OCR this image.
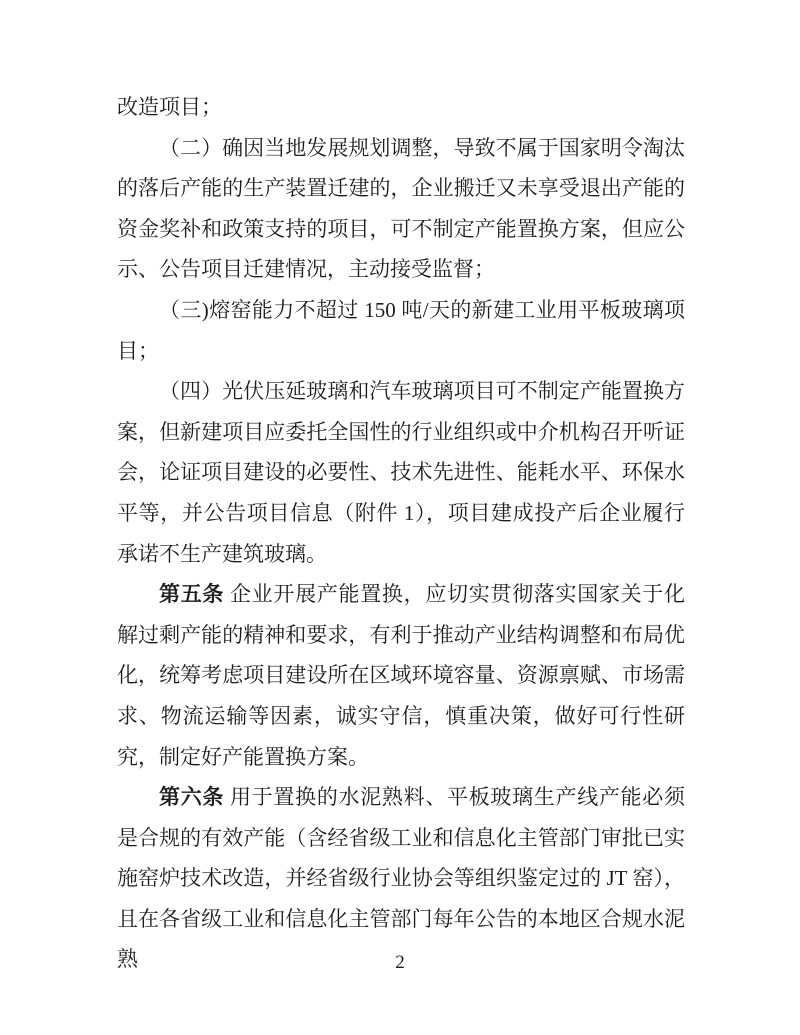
改造项目；

（二）确因当地发展规划调整，导致不属于国家明令淘汰的落后产能的生产装置迁建的，企业搬迁又未享受退出产能的资金奖补和政策支持的项目，可不制定产能置换方案，但应公示、公告项目迁建情况，主动接受监督；

（三)熔窑能力不超过 150 吨/天的新建工业用平板玻璃项目；

（四）光伏压延玻璃和汽车玻璃项目可不制定产能置换方案，但新建项目应委托全国性的行业组织或中介机构召开听证会，论证项目建设的必要性、技术先进性、能耗水平、环保水平等，并公告项目信息（附件 1），项目建成投产后企业履行承诺不生产建筑玻璃。

第五条 企业开展产能置换，应切实贯彻落实国家关于化解过剩产能的精神和要求，有利于推动产业结构调整和布局优化，统筹考虑项目建设所在区域环境容量、资源禀赋、市场需求、物流运输等因素，诚实守信，慎重决策，做好可行性研究，制定好产能置换方案。

第六条 用于置换的水泥熟料、平板玻璃生产线产能必须是合规的有效产能（含经省级工业和信息化主管部门审批已实施窑炉技术改造，并经省级行业协会等组织鉴定过的 JT 窑），且在各省级工业和信息化主管部门每年公告的本地区合规水泥熟	2
